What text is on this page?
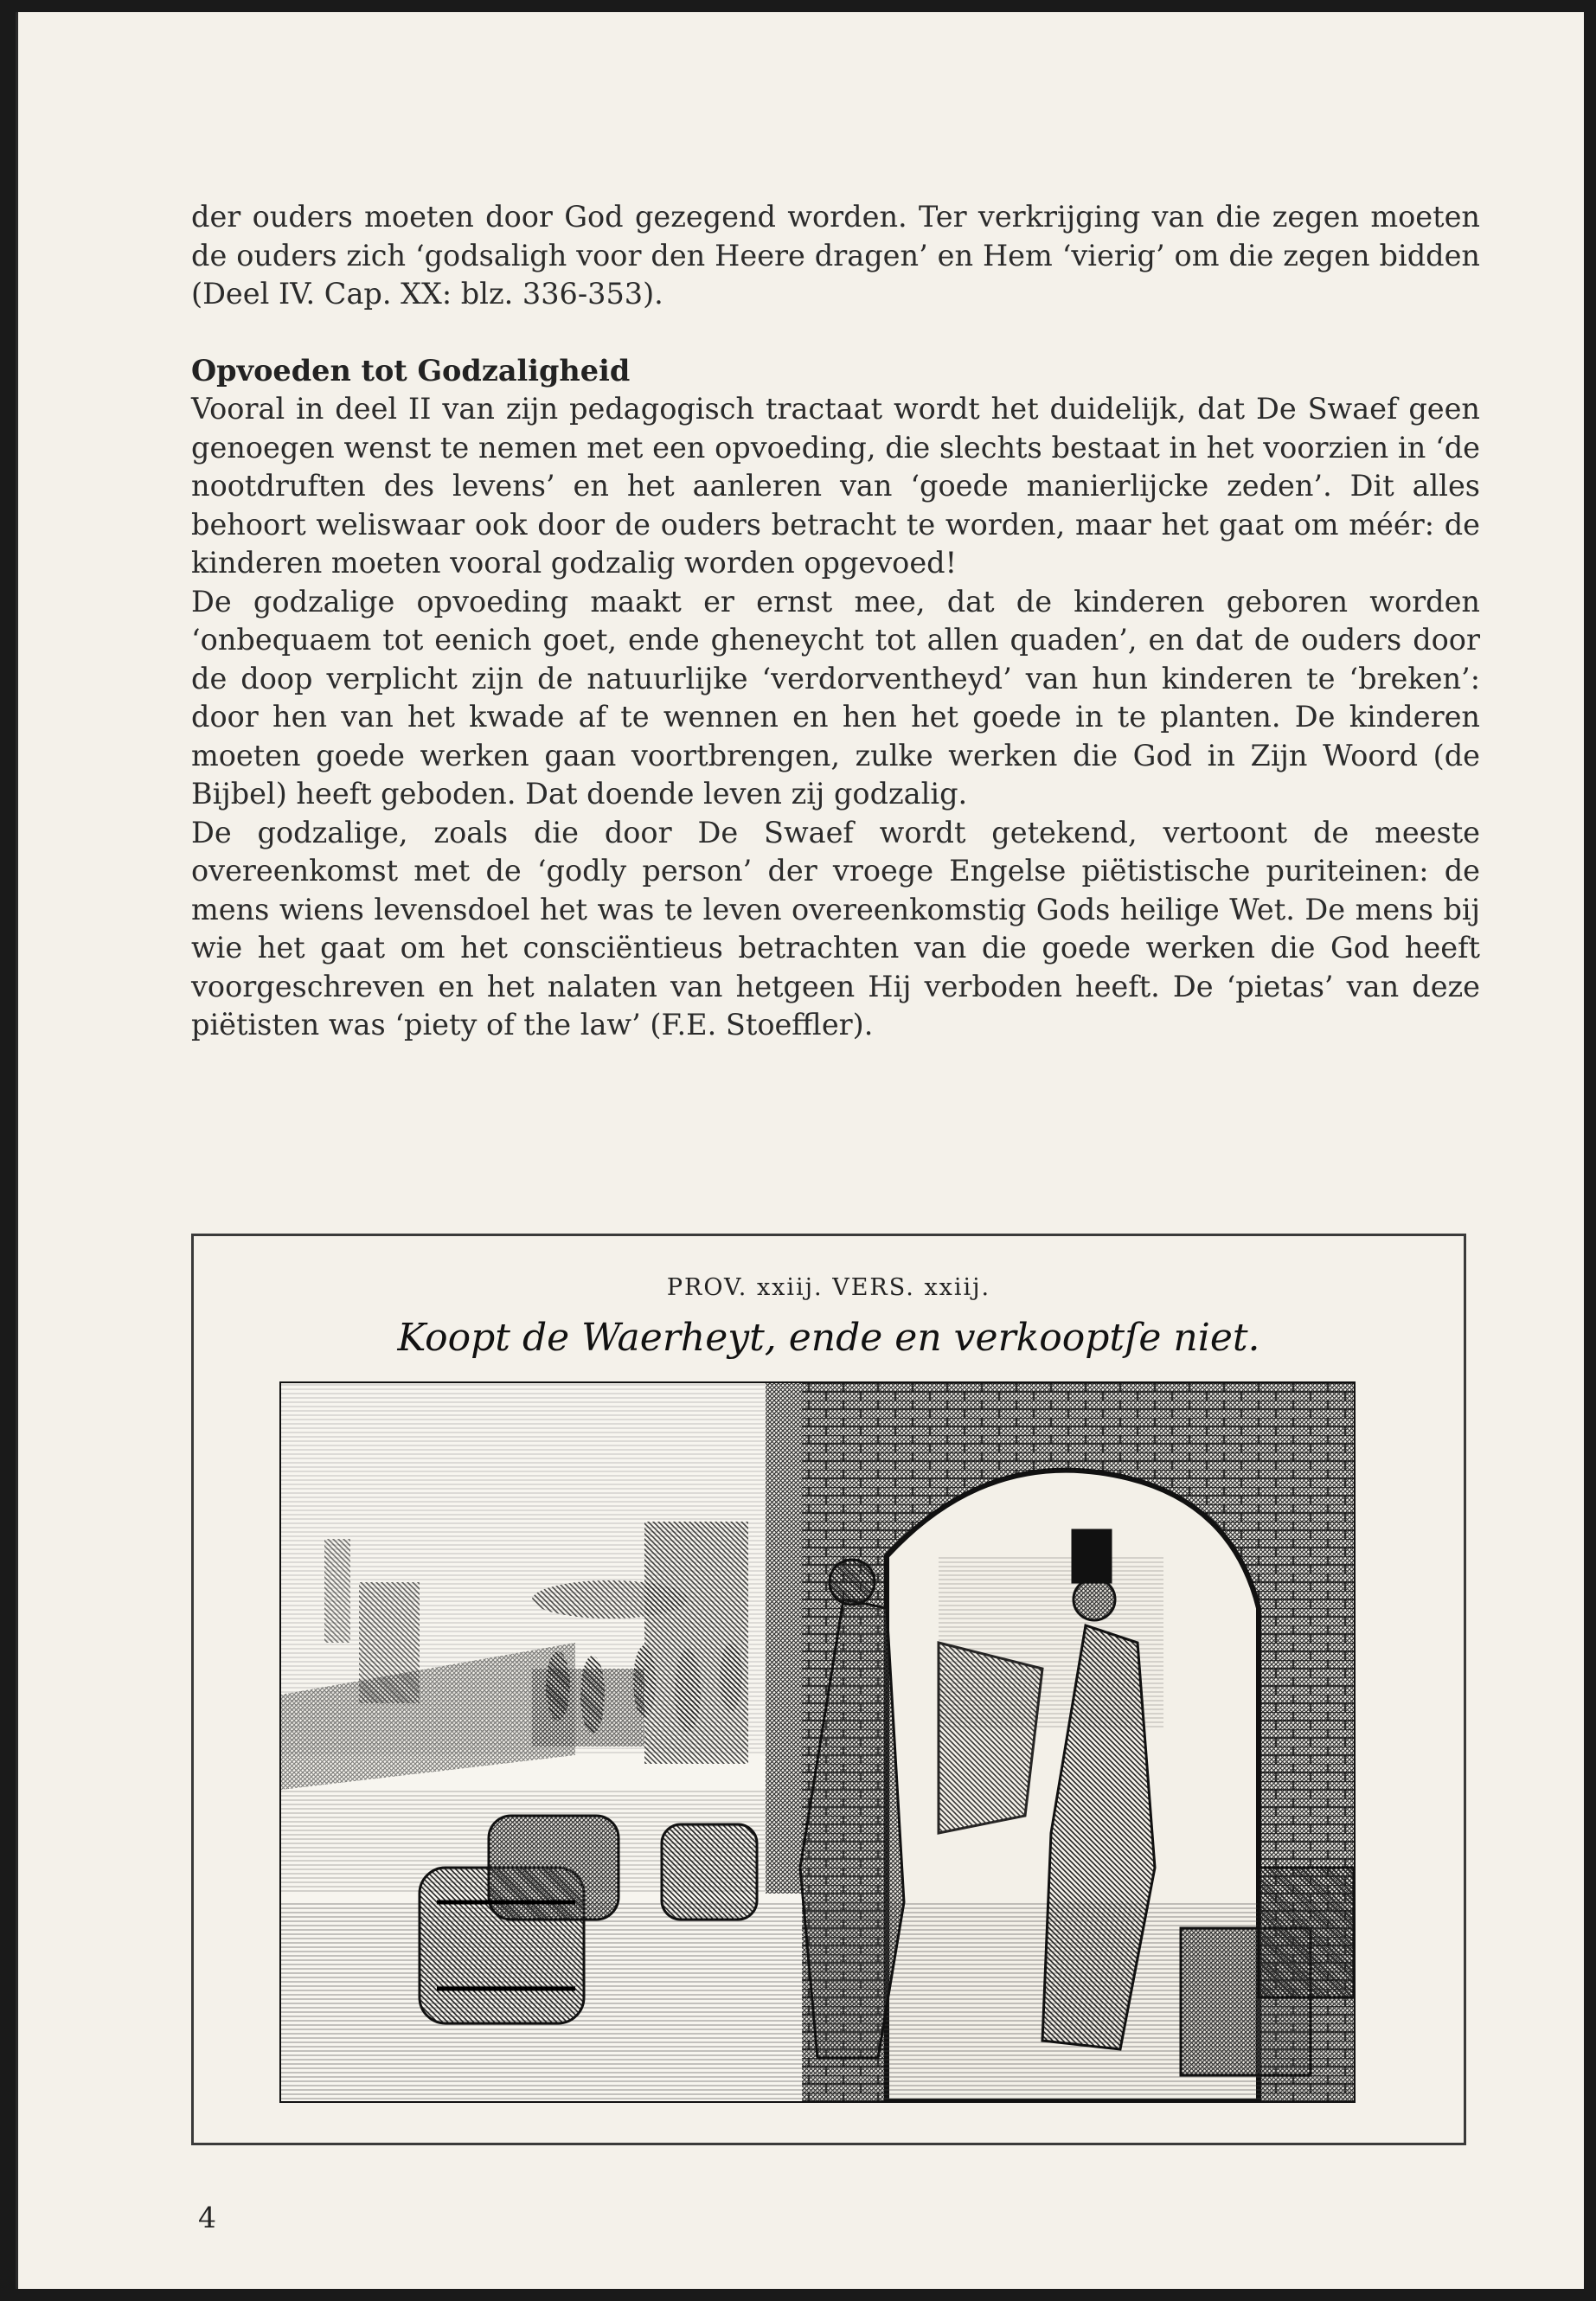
der ouders moeten door God gezegend worden. Ter verkrijging van die zegen moeten de ouders zich ‘godsaligh voor den Heere dragen’ en Hem ‘vierig’ om die zegen bidden (Deel IV. Cap. XX: blz. 336-353).

Opvoeden tot Godzaligheid

Vooral in deel II van zijn pedagogisch tractaat wordt het duidelijk, dat De Swaef geen genoegen wenst te nemen met een opvoeding, die slechts bestaat in het voorzien in ‘de nootdruften des levens’ en het aanleren van ‘goede manierlijcke zeden’. Dit alles behoort weliswaar ook door de ouders betracht te worden, maar het gaat om méér: de kinderen moeten vooral godzalig worden opgevoed!

De godzalige opvoeding maakt er ernst mee, dat de kinderen geboren worden ‘onbequaem tot eenich goet, ende gheneycht tot allen quaden’, en dat de ouders door de doop verplicht zijn de natuurlijke ‘verdorventheyd’ van hun kinderen te ‘breken’: door hen van het kwade af te wennen en hen het goede in te planten. De kinderen moeten goede werken gaan voortbrengen, zulke werken die God in Zijn Woord (de Bijbel) heeft geboden. Dat doende leven zij godzalig.

De godzalige, zoals die door De Swaef wordt getekend, vertoont de meeste overeenkomst met de ‘godly person’ der vroege Engelse piëtistische puriteinen: de mens wiens levensdoel het was te leven overeenkomstig Gods heilige Wet. De mens bij wie het gaat om het consciëntieus betrachten van die goede werken die God heeft voorgeschreven en het nalaten van hetgeen Hij verboden heeft. De ‘pietas’ van deze piëtisten was ‘piety of the law’ (F.E. Stoeffler).

PROV. xxiij. VERS. xxiij.
Koopt de Waerheyt, ende en verkooptſe niet.
4
